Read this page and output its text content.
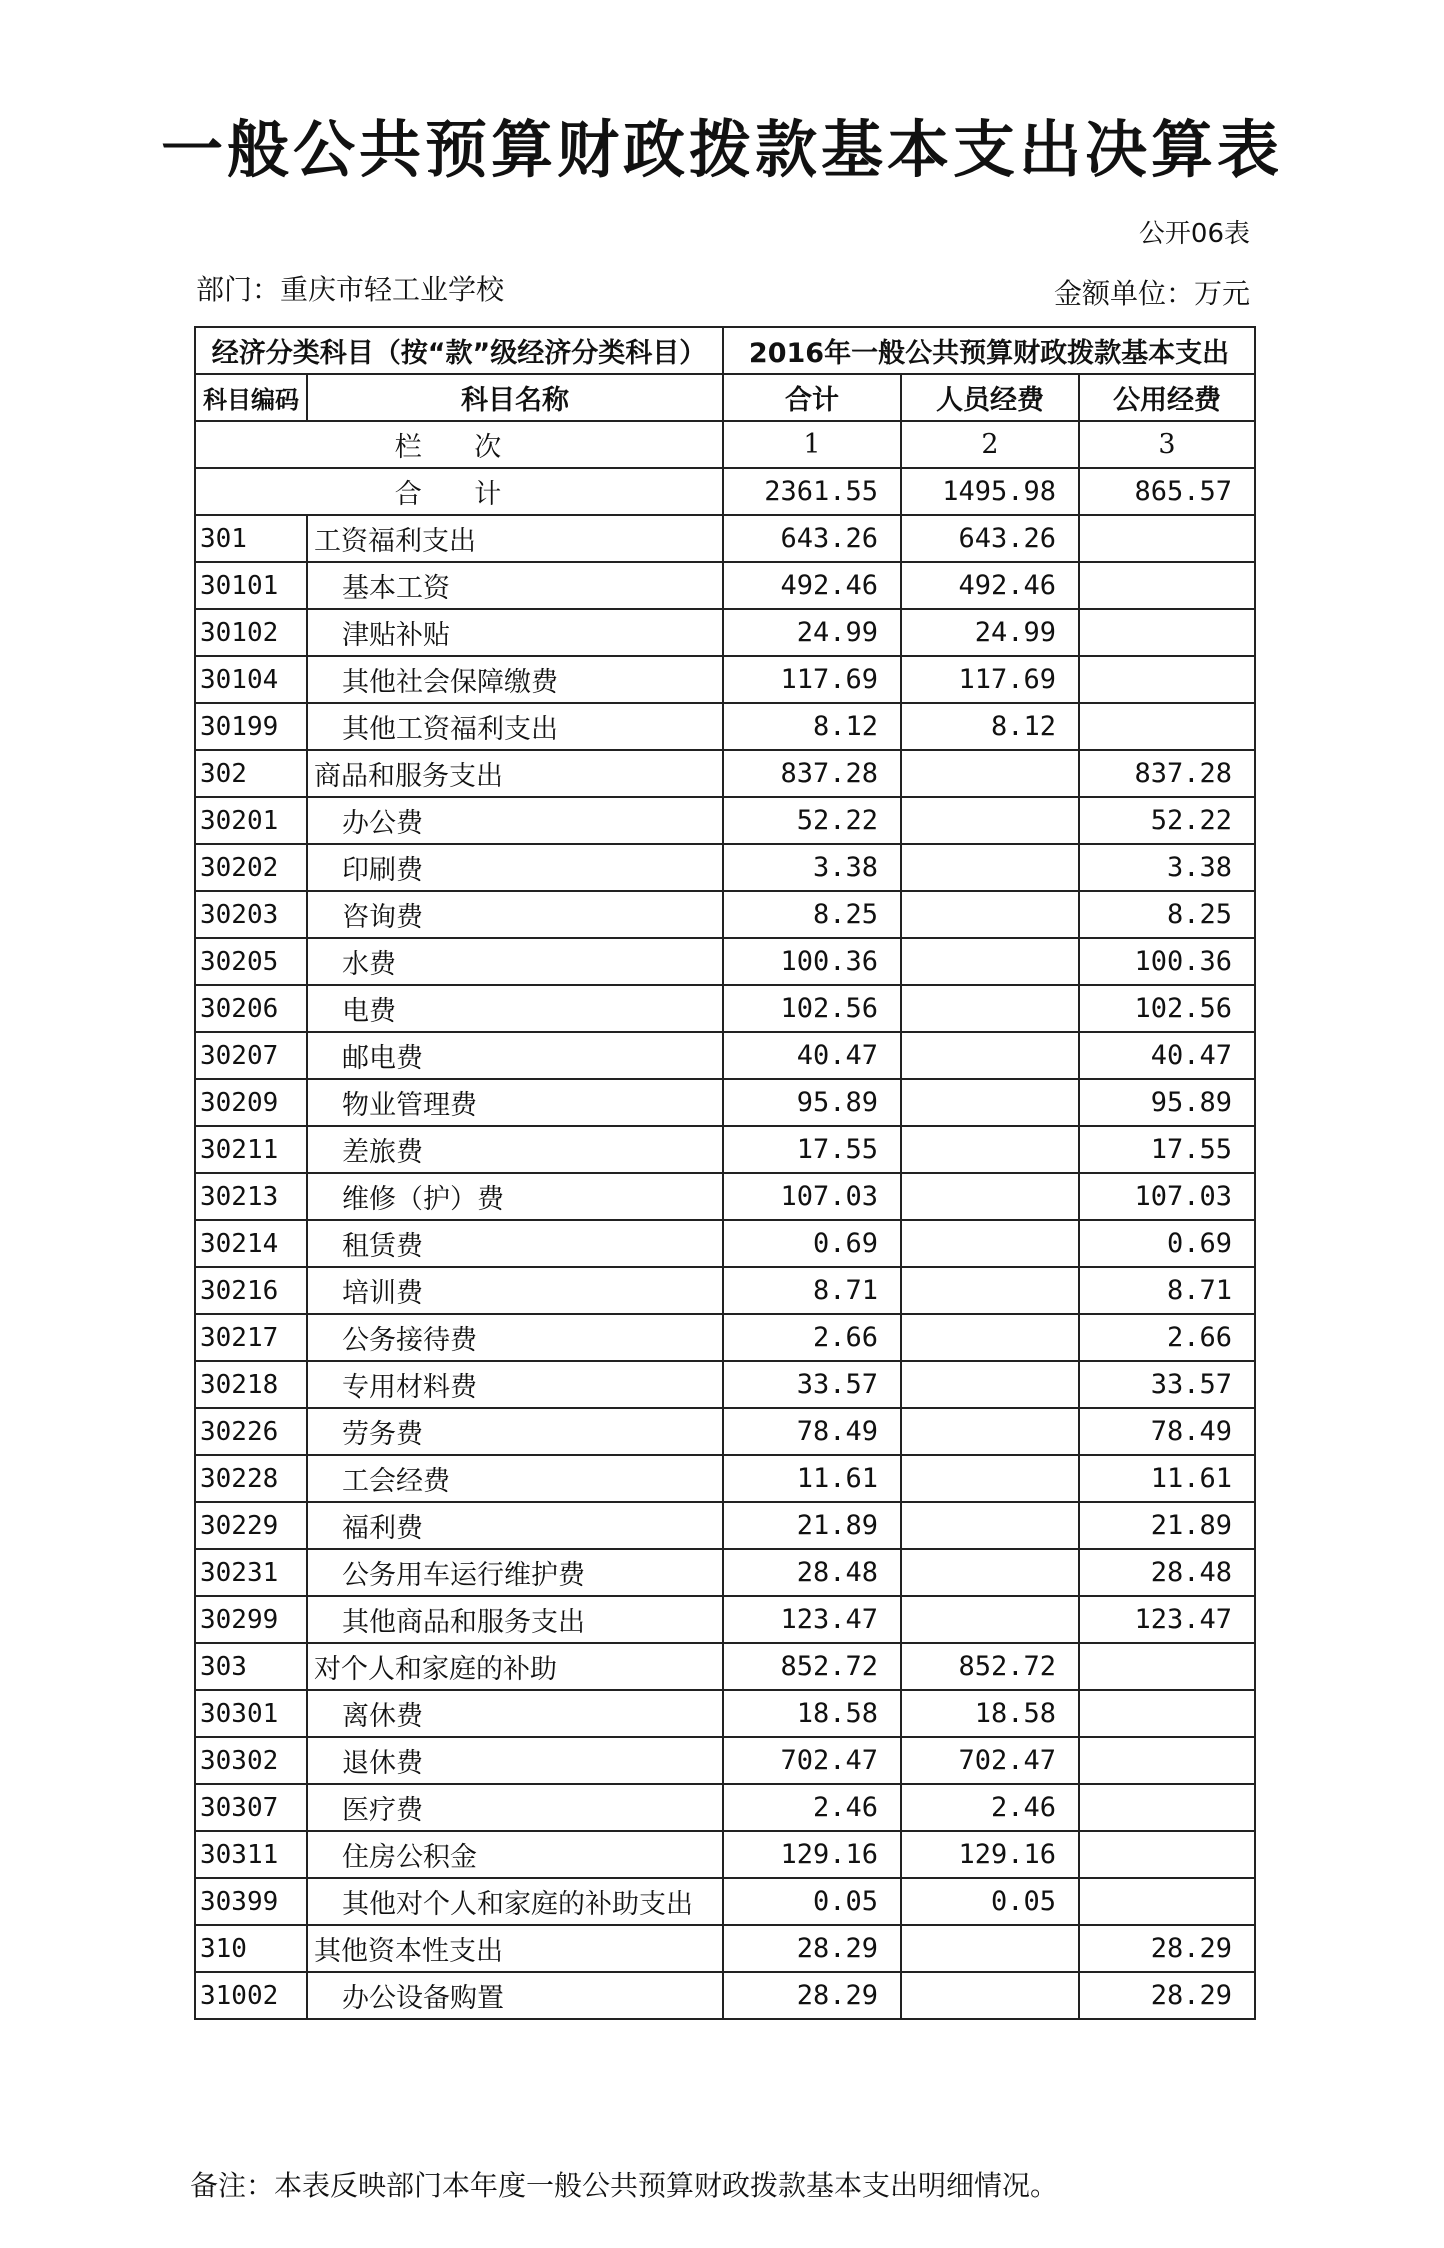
一般公共预算财政拨款基本支出决算表
公开06表
部门：重庆市轻工业学校	金额单位：万元
经济分类科目（按“款”级经济分类科目）		2016年一般公共预算财政拨款基本支出		
科目编码	科目名称	合计	人员经费	公用经费
栏 次		1	2	3
合 计		2361.55	1495.98	865.57
301	工资福利支出	643.26	643.26	
30101	基本工资	492.46	492.46	
30102	津贴补贴	24.99	24.99	
30104	其他社会保障缴费	117.69	117.69	
30199	其他工资福利支出	8.12	8.12	
302	商品和服务支出	837.28		837.28
30201	办公费	52.22		52.22
30202	印刷费	3.38		3.38
30203	咨询费	8.25		8.25
30205	水费	100.36		100.36
30206	电费	102.56		102.56
30207	邮电费	40.47		40.47
30209	物业管理费	95.89		95.89
30211	差旅费	17.55		17.55
30213	维修（护）费	107.03		107.03
30214	租赁费	0.69		0.69
30216	培训费	8.71		8.71
30217	公务接待费	2.66		2.66
30218	专用材料费	33.57		33.57
30226	劳务费	78.49		78.49
30228	工会经费	11.61		11.61
30229	福利费	21.89		21.89
30231	公务用车运行维护费	28.48		28.48
30299	其他商品和服务支出	123.47		123.47
303	对个人和家庭的补助	852.72	852.72	
30301	离休费	18.58	18.58	
30302	退休费	702.47	702.47	
30307	医疗费	2.46	2.46	
30311	住房公积金	129.16	129.16	
30399	其他对个人和家庭的补助支出	0.05	0.05	
310	其他资本性支出	28.29		28.29
31002	办公设备购置	28.29		28.29
备注：本表反映部门本年度一般公共预算财政拨款基本支出明细情况。
